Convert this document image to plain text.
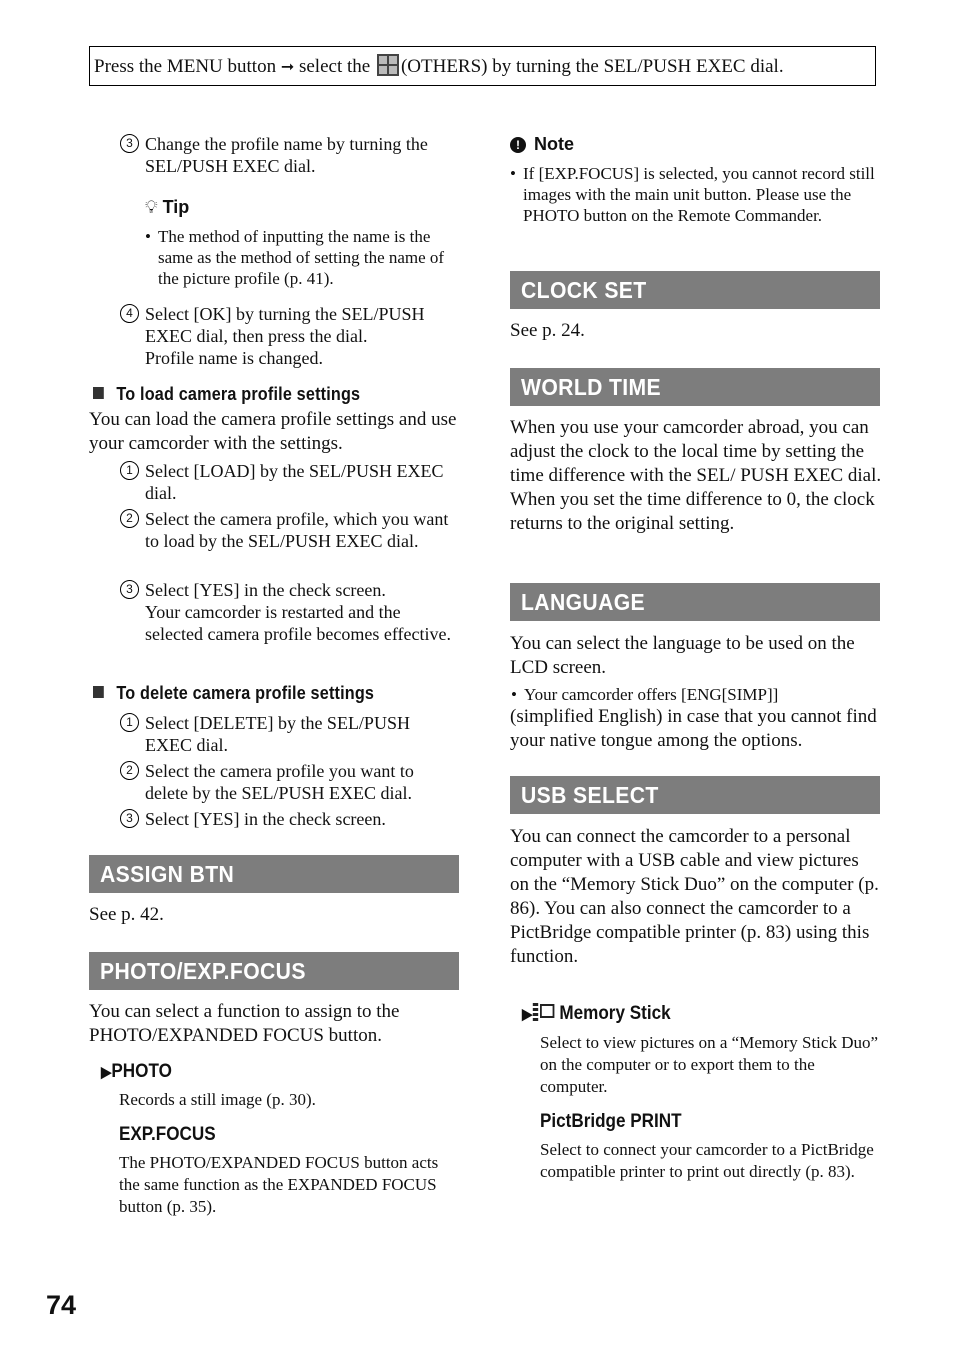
Press the MENU button ➞ select the (OTHERS) by turning the SEL/PUSH EXEC dial.
3 Change the profile name by turning the SEL/PUSH EXEC dial.
💡︎ Tip
• The method of inputting the name is the same as the method of setting the name of the picture profile (p. 41).
4 Select [OK] by turning the SEL/PUSH EXEC dial, then press the dial.
Profile name is changed.
To load camera profile settings
You can load the camera profile settings and use your camcorder with the settings.
1 Select [LOAD] by the SEL/PUSH EXEC dial.
2 Select the camera profile, which you want to load by the SEL/PUSH EXEC dial.
3 Select [YES] in the check screen.
Your camcorder is restarted and the selected camera profile becomes effective.
To delete camera profile settings
1 Select [DELETE] by the SEL/PUSH EXEC dial.
2 Select the camera profile you want to delete by the SEL/PUSH EXEC dial.
3 Select [YES] in the check screen.
ASSIGN BTN
See p. 42.
PHOTO/EXP.FOCUS
You can select a function to assign to the PHOTO/EXPANDED FOCUS button.
▶PHOTO
Records a still image (p. 30).
EXP.FOCUS
The PHOTO/EXPANDED FOCUS button acts the same function as the EXPANDED FOCUS button (p. 35).
! Note
• If [EXP.FOCUS] is selected, you cannot record still images with the main unit button. Please use the PHOTO button on the Remote Commander.
CLOCK SET
See p. 24.
WORLD TIME
When you use your camcorder abroad, you can adjust the clock to the local time by setting the time difference with the SEL/ PUSH EXEC dial.
When you set the time difference to 0, the clock returns to the original setting.
LANGUAGE
You can select the language to be used on the LCD screen.
• Your camcorder offers [ENG[SIMP]]
(simplified English) in case that you cannot find your native tongue among the options.
USB SELECT
You can connect the camcorder to a personal computer with a USB cable and view pictures on the “Memory Stick Duo” on the computer (p. 86). You can also connect the camcorder to a PictBridge compatible printer (p. 83) using this function.
▶ Memory Stick
Select to view pictures on a “Memory Stick Duo” on the computer or to export them to the computer.
PictBridge PRINT
Select to connect your camcorder to a PictBridge compatible printer to print out directly (p. 83).
74
